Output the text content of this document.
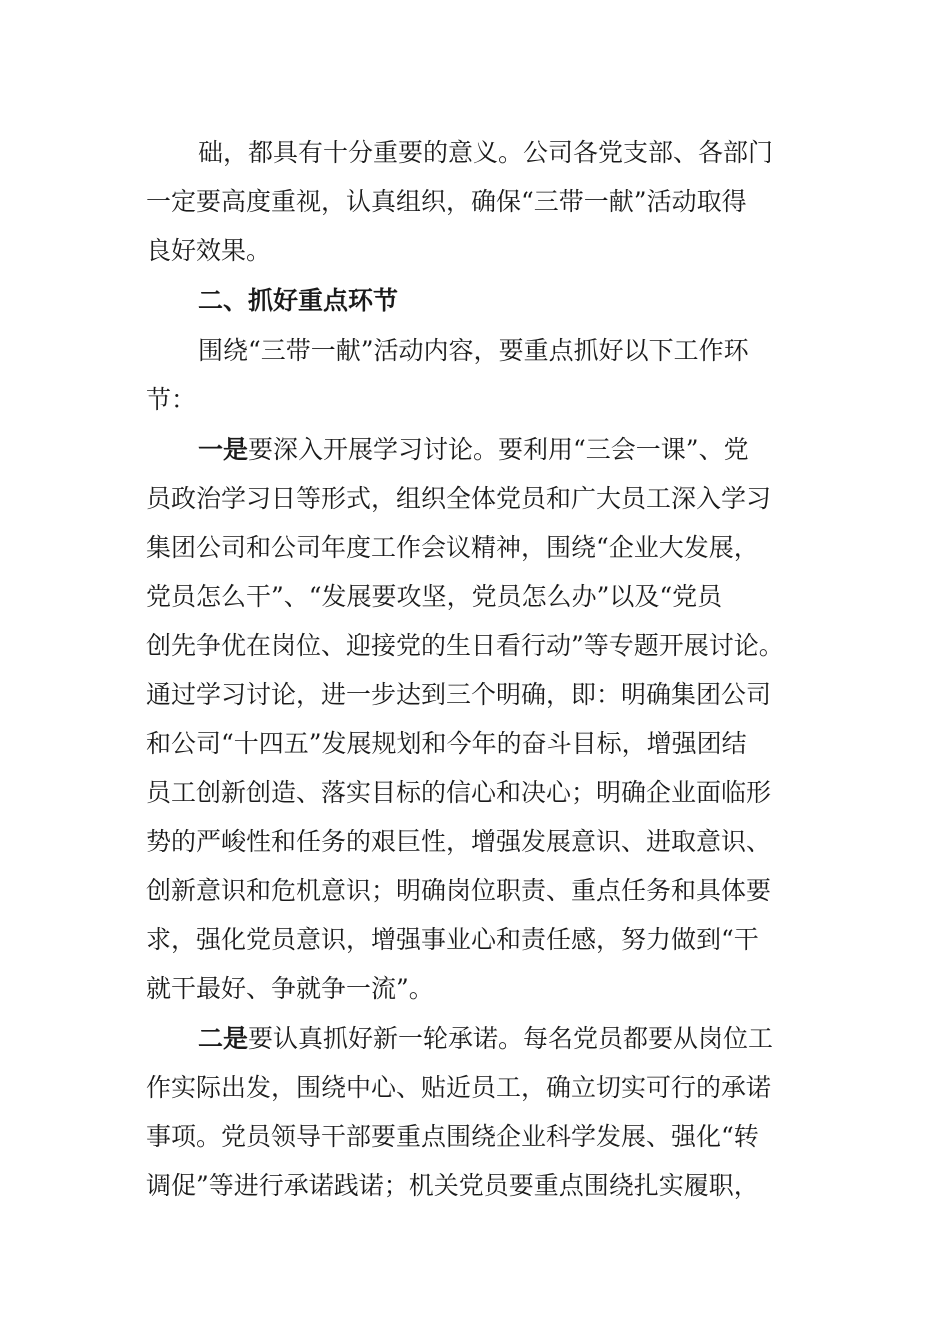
础，都具有十分重要的意义。公司各党支部、各部门
一定要高度重视，认真组织，确保“三带一献”活动取得
良好效果。
二、抓好重点环节
围绕“三带一献”活动内容，要重点抓好以下工作环
节：
一是要深入开展学习讨论。要利用“三会一课”、党
员政治学习日等形式，组织全体党员和广大员工深入学习
集团公司和公司年度工作会议精神，围绕“企业大发展，
党员怎么干”、“发展要攻坚，党员怎么办”以及“党员
创先争优在岗位、迎接党的生日看行动”等专题开展讨论。
通过学习讨论，进一步达到三个明确，即：明确集团公司
和公司“十四五”发展规划和今年的奋斗目标，增强团结
员工创新创造、落实目标的信心和决心；明确企业面临形
势的严峻性和任务的艰巨性，增强发展意识、进取意识、
创新意识和危机意识；明确岗位职责、重点任务和具体要
求，强化党员意识，增强事业心和责任感，努力做到“干
就干最好、争就争一流”。
二是要认真抓好新一轮承诺。每名党员都要从岗位工
作实际出发，围绕中心、贴近员工，确立切实可行的承诺
事项。党员领导干部要重点围绕企业科学发展、强化“转
调促”等进行承诺践诺；机关党员要重点围绕扎实履职，
